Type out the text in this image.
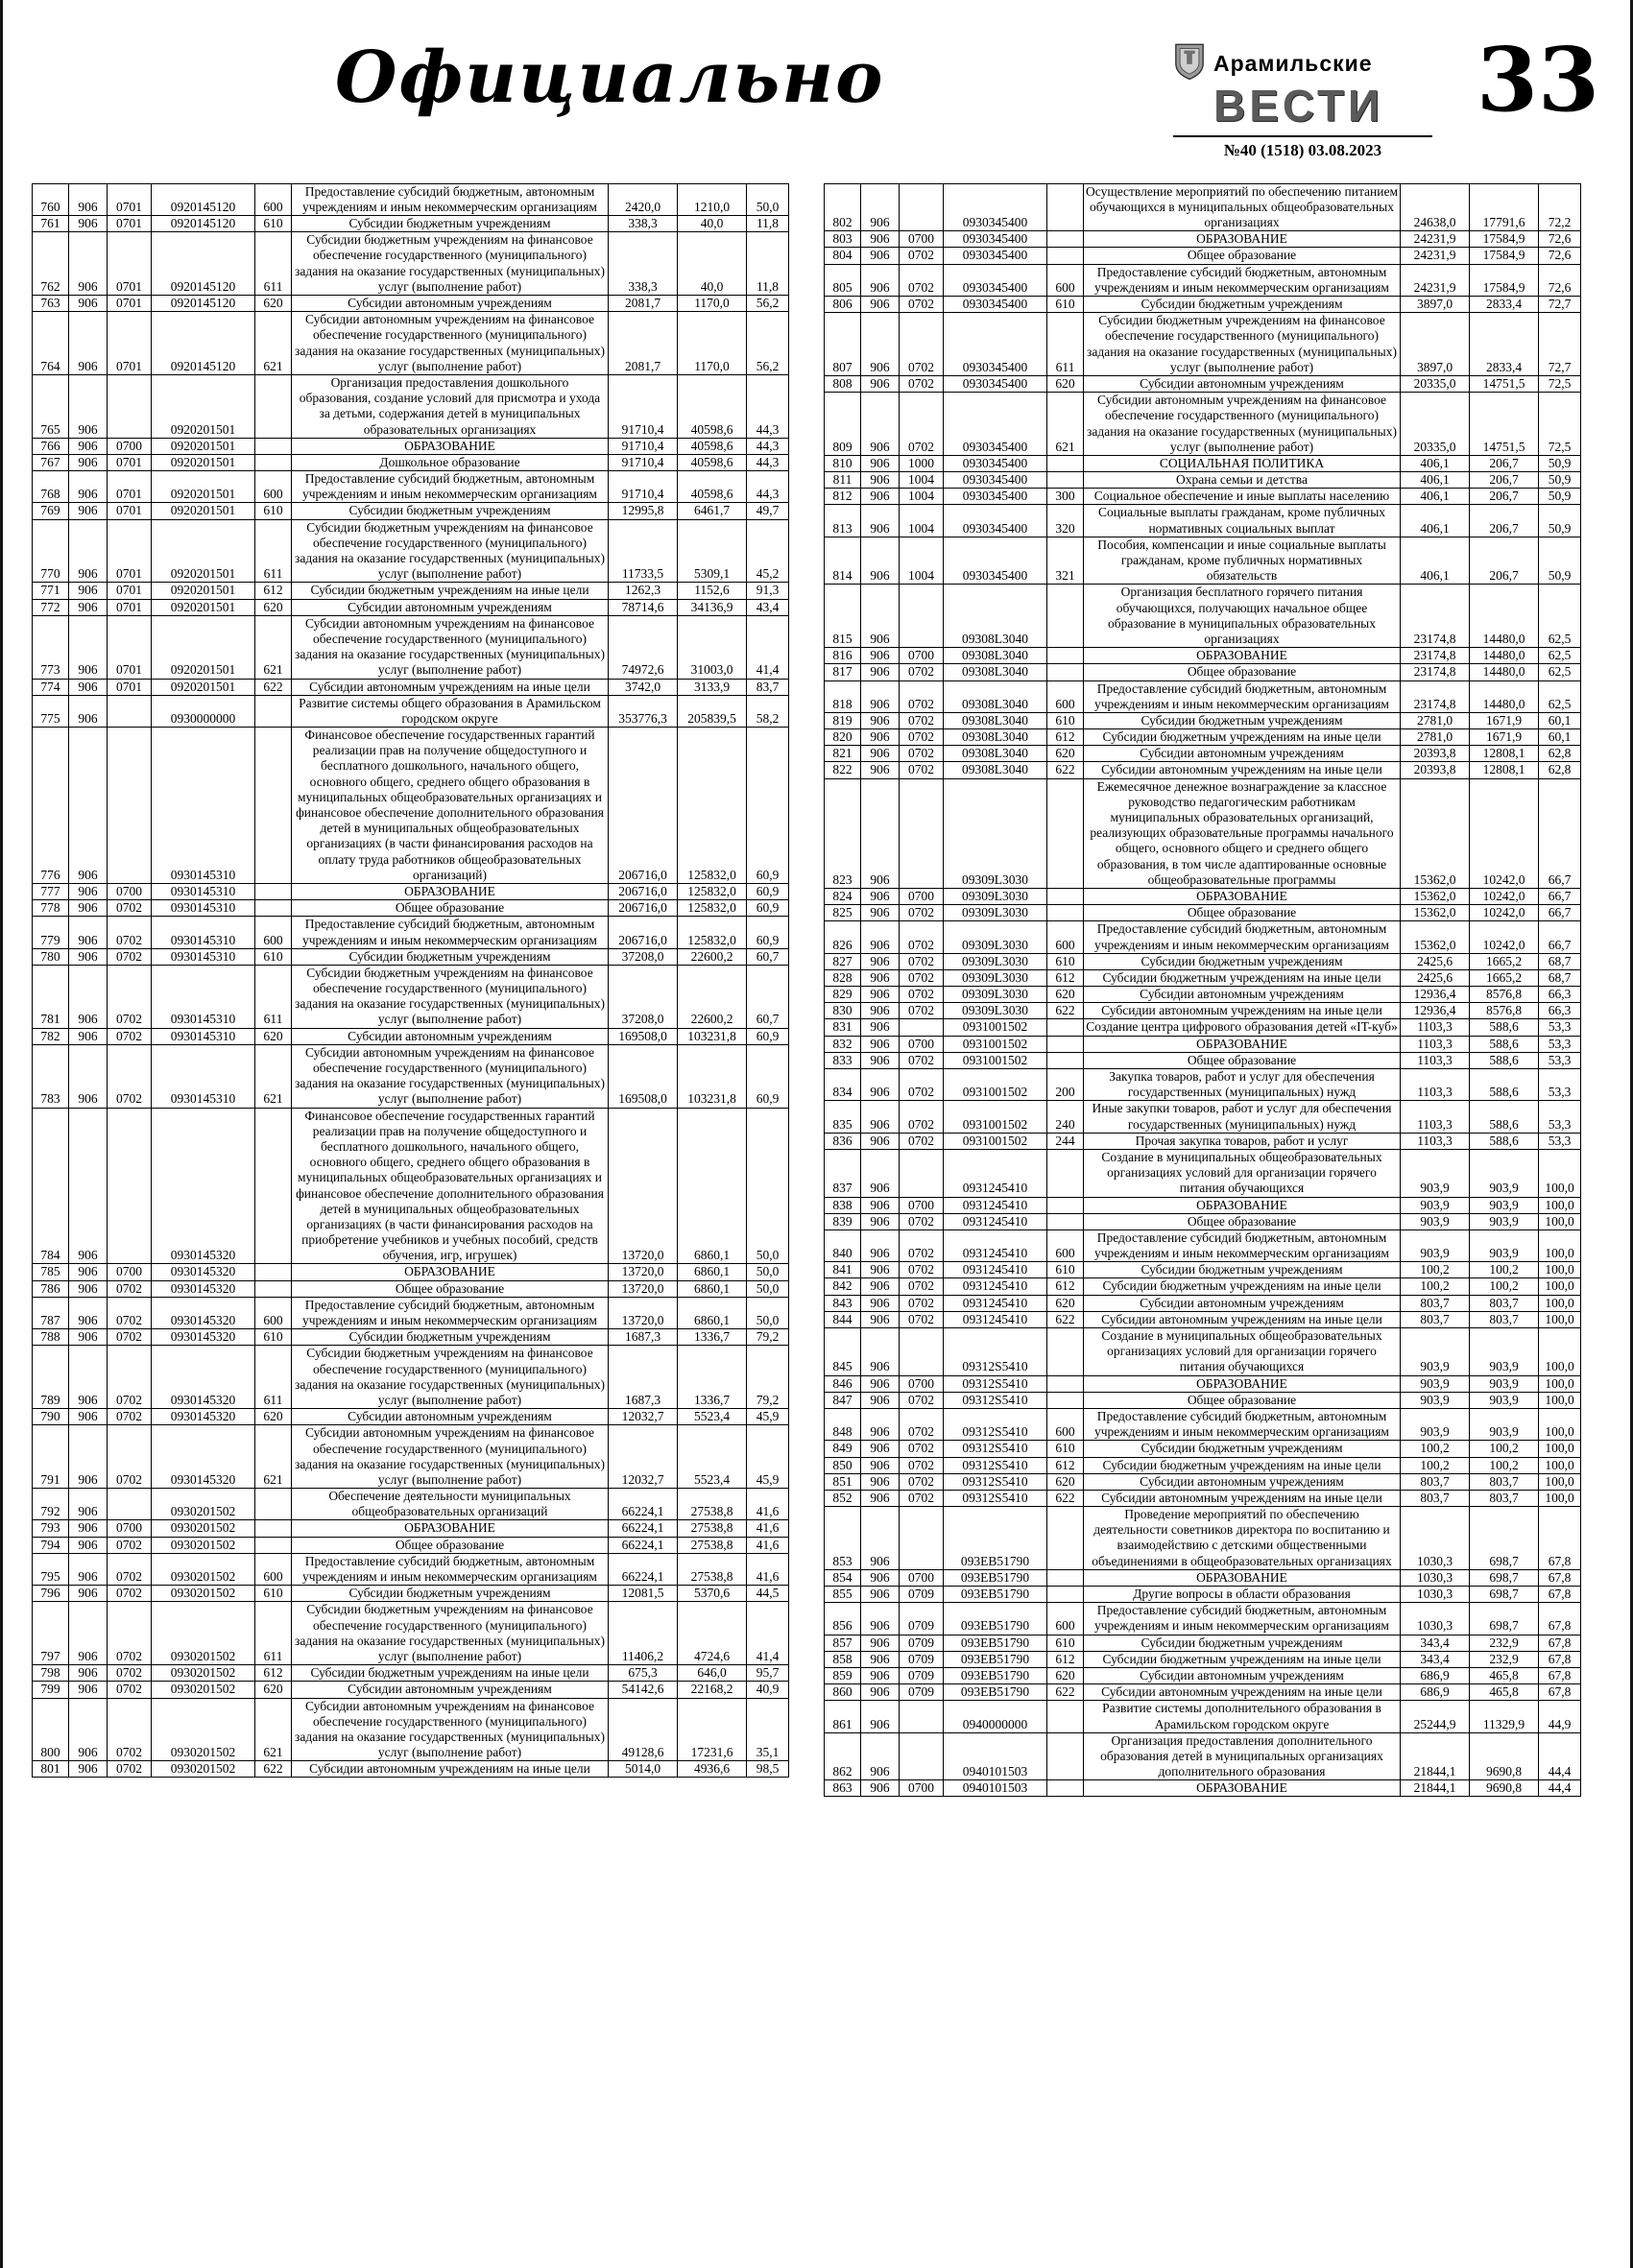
Официально	Арамильские
ВЕСТИ
№40 (1518) 03.08.2023
33
760	906	0701	0920145120	600	Предоставление субсидий бюджетным, автономным учреждениям и иным некоммерческим организациям	2420,0	1210,0	50,0
761	906	0701	0920145120	610	Субсидии бюджетным учреждениям	338,3	40,0	11,8
762	906	0701	0920145120	611	Субсидии бюджетным учреждениям на финансовое обеспечение государственного (муниципального) задания на оказание государственных (муниципальных) услуг (выполнение работ)	338,3	40,0	11,8
763	906	0701	0920145120	620	Субсидии автономным учреждениям	2081,7	1170,0	56,2
764	906	0701	0920145120	621	Субсидии автономным учреждениям на финансовое обеспечение государственного (муниципального) задания на оказание государственных (муниципальных) услуг (выполнение работ)	2081,7	1170,0	56,2
765	906		0920201501		Организация предоставления дошкольного образования, создание условий для присмотра и ухода за детьми, содержания детей в муниципальных образовательных организациях	91710,4	40598,6	44,3
766	906	0700	0920201501		ОБРАЗОВАНИЕ	91710,4	40598,6	44,3
767	906	0701	0920201501		Дошкольное образование	91710,4	40598,6	44,3
768	906	0701	0920201501	600	Предоставление субсидий бюджетным, автономным учреждениям и иным некоммерческим организациям	91710,4	40598,6	44,3
769	906	0701	0920201501	610	Субсидии бюджетным учреждениям	12995,8	6461,7	49,7
770	906	0701	0920201501	611	Субсидии бюджетным учреждениям на финансовое обеспечение государственного (муниципального) задания на оказание государственных (муниципальных) услуг (выполнение работ)	11733,5	5309,1	45,2
771	906	0701	0920201501	612	Субсидии бюджетным учреждениям на иные цели	1262,3	1152,6	91,3
772	906	0701	0920201501	620	Субсидии автономным учреждениям	78714,6	34136,9	43,4
773	906	0701	0920201501	621	Субсидии автономным учреждениям на финансовое обеспечение государственного (муниципального) задания на оказание государственных (муниципальных) услуг (выполнение работ)	74972,6	31003,0	41,4
774	906	0701	0920201501	622	Субсидии автономным учреждениям на иные цели	3742,0	3133,9	83,7
775	906		0930000000		Развитие системы общего образования в Арамильском городском округе	353776,3	205839,5	58,2
776	906		0930145310		Финансовое обеспечение государственных гарантий реализации прав на получение общедоступного и бесплатного дошкольного, начального общего, основного общего, среднего общего образования в муниципальных общеобразовательных организациях и финансовое обеспечение дополнительного образования детей в муниципальных общеобразовательных организациях (в части финансирования расходов на оплату труда работников общеобразовательных организаций)	206716,0	125832,0	60,9
777	906	0700	0930145310		ОБРАЗОВАНИЕ	206716,0	125832,0	60,9
778	906	0702	0930145310		Общее образование	206716,0	125832,0	60,9
779	906	0702	0930145310	600	Предоставление субсидий бюджетным, автономным учреждениям и иным некоммерческим организациям	206716,0	125832,0	60,9
780	906	0702	0930145310	610	Субсидии бюджетным учреждениям	37208,0	22600,2	60,7
781	906	0702	0930145310	611	Субсидии бюджетным учреждениям на финансовое обеспечение государственного (муниципального) задания на оказание государственных (муниципальных) услуг (выполнение работ)	37208,0	22600,2	60,7
782	906	0702	0930145310	620	Субсидии автономным учреждениям	169508,0	103231,8	60,9
783	906	0702	0930145310	621	Субсидии автономным учреждениям на финансовое обеспечение государственного (муниципального) задания на оказание государственных (муниципальных) услуг (выполнение работ)	169508,0	103231,8	60,9
784	906		0930145320		Финансовое обеспечение государственных гарантий реализации прав на получение общедоступного и бесплатного дошкольного, начального общего, основного общего, среднего общего образования в муниципальных общеобразовательных организациях и финансовое обеспечение дополнительного образования детей в муниципальных общеобразовательных организациях (в части финансирования расходов на приобретение учебников и учебных пособий, средств обучения, игр, игрушек)	13720,0	6860,1	50,0
785	906	0700	0930145320		ОБРАЗОВАНИЕ	13720,0	6860,1	50,0
786	906	0702	0930145320		Общее образование	13720,0	6860,1	50,0
787	906	0702	0930145320	600	Предоставление субсидий бюджетным, автономным учреждениям и иным некоммерческим организациям	13720,0	6860,1	50,0
788	906	0702	0930145320	610	Субсидии бюджетным учреждениям	1687,3	1336,7	79,2
789	906	0702	0930145320	611	Субсидии бюджетным учреждениям на финансовое обеспечение государственного (муниципального) задания на оказание государственных (муниципальных) услуг (выполнение работ)	1687,3	1336,7	79,2
790	906	0702	0930145320	620	Субсидии автономным учреждениям	12032,7	5523,4	45,9
791	906	0702	0930145320	621	Субсидии автономным учреждениям на финансовое обеспечение государственного (муниципального) задания на оказание государственных (муниципальных) услуг (выполнение работ)	12032,7	5523,4	45,9
792	906		0930201502		Обеспечение деятельности муниципальных общеобразовательных организаций	66224,1	27538,8	41,6
793	906	0700	0930201502		ОБРАЗОВАНИЕ	66224,1	27538,8	41,6
794	906	0702	0930201502		Общее образование	66224,1	27538,8	41,6
795	906	0702	0930201502	600	Предоставление субсидий бюджетным, автономным учреждениям и иным некоммерческим организациям	66224,1	27538,8	41,6
796	906	0702	0930201502	610	Субсидии бюджетным учреждениям	12081,5	5370,6	44,5
797	906	0702	0930201502	611	Субсидии бюджетным учреждениям на финансовое обеспечение государственного (муниципального) задания на оказание государственных (муниципальных) услуг (выполнение работ)	11406,2	4724,6	41,4
798	906	0702	0930201502	612	Субсидии бюджетным учреждениям на иные цели	675,3	646,0	95,7
799	906	0702	0930201502	620	Субсидии автономным учреждениям	54142,6	22168,2	40,9
800	906	0702	0930201502	621	Субсидии автономным учреждениям на финансовое обеспечение государственного (муниципального) задания на оказание государственных (муниципальных) услуг (выполнение работ)	49128,6	17231,6	35,1
801	906	0702	0930201502	622	Субсидии автономным учреждениям на иные цели	5014,0	4936,6	98,5
802	906		0930345400		Осуществление мероприятий по обеспечению питанием обучающихся в муниципальных общеобразовательных организациях	24638,0	17791,6	72,2
803	906	0700	0930345400		ОБРАЗОВАНИЕ	24231,9	17584,9	72,6
804	906	0702	0930345400		Общее образование	24231,9	17584,9	72,6
805	906	0702	0930345400	600	Предоставление субсидий бюджетным, автономным учреждениям и иным некоммерческим организациям	24231,9	17584,9	72,6
806	906	0702	0930345400	610	Субсидии бюджетным учреждениям	3897,0	2833,4	72,7
807	906	0702	0930345400	611	Субсидии бюджетным учреждениям на финансовое обеспечение государственного (муниципального) задания на оказание государственных (муниципальных) услуг (выполнение работ)	3897,0	2833,4	72,7
808	906	0702	0930345400	620	Субсидии автономным учреждениям	20335,0	14751,5	72,5
809	906	0702	0930345400	621	Субсидии автономным учреждениям на финансовое обеспечение государственного (муниципального) задания на оказание государственных (муниципальных) услуг (выполнение работ)	20335,0	14751,5	72,5
810	906	1000	0930345400		СОЦИАЛЬНАЯ ПОЛИТИКА	406,1	206,7	50,9
811	906	1004	0930345400		Охрана семьи и детства	406,1	206,7	50,9
812	906	1004	0930345400	300	Социальное обеспечение и иные выплаты населению	406,1	206,7	50,9
813	906	1004	0930345400	320	Социальные выплаты гражданам, кроме публичных нормативных социальных выплат	406,1	206,7	50,9
814	906	1004	0930345400	321	Пособия, компенсации и иные социальные выплаты гражданам, кроме публичных нормативных обязательств	406,1	206,7	50,9
815	906		09308L3040		Организация бесплатного горячего питания обучающихся, получающих начальное общее образование в муниципальных образовательных организациях	23174,8	14480,0	62,5
816	906	0700	09308L3040		ОБРАЗОВАНИЕ	23174,8	14480,0	62,5
817	906	0702	09308L3040		Общее образование	23174,8	14480,0	62,5
818	906	0702	09308L3040	600	Предоставление субсидий бюджетным, автономным учреждениям и иным некоммерческим организациям	23174,8	14480,0	62,5
819	906	0702	09308L3040	610	Субсидии бюджетным учреждениям	2781,0	1671,9	60,1
820	906	0702	09308L3040	612	Субсидии бюджетным учреждениям на иные цели	2781,0	1671,9	60,1
821	906	0702	09308L3040	620	Субсидии автономным учреждениям	20393,8	12808,1	62,8
822	906	0702	09308L3040	622	Субсидии автономным учреждениям на иные цели	20393,8	12808,1	62,8
823	906		09309L3030		Ежемесячное денежное вознаграждение за классное руководство педагогическим работникам муниципальных образовательных организаций, реализующих образовательные программы начального общего, основного общего и среднего общего образования, в том числе адаптированные основные общеобразовательные программы	15362,0	10242,0	66,7
824	906	0700	09309L3030		ОБРАЗОВАНИЕ	15362,0	10242,0	66,7
825	906	0702	09309L3030		Общее образование	15362,0	10242,0	66,7
826	906	0702	09309L3030	600	Предоставление субсидий бюджетным, автономным учреждениям и иным некоммерческим организациям	15362,0	10242,0	66,7
827	906	0702	09309L3030	610	Субсидии бюджетным учреждениям	2425,6	1665,2	68,7
828	906	0702	09309L3030	612	Субсидии бюджетным учреждениям на иные цели	2425,6	1665,2	68,7
829	906	0702	09309L3030	620	Субсидии автономным учреждениям	12936,4	8576,8	66,3
830	906	0702	09309L3030	622	Субсидии автономным учреждениям на иные цели	12936,4	8576,8	66,3
831	906		0931001502		Создание центра цифрового образования детей «IT-куб»	1103,3	588,6	53,3
832	906	0700	0931001502		ОБРАЗОВАНИЕ	1103,3	588,6	53,3
833	906	0702	0931001502		Общее образование	1103,3	588,6	53,3
834	906	0702	0931001502	200	Закупка товаров, работ и услуг для обеспечения государственных (муниципальных) нужд	1103,3	588,6	53,3
835	906	0702	0931001502	240	Иные закупки товаров, работ и услуг для обеспечения государственных (муниципальных) нужд	1103,3	588,6	53,3
836	906	0702	0931001502	244	Прочая закупка товаров, работ и услуг	1103,3	588,6	53,3
837	906		0931245410		Создание в муниципальных общеобразовательных организациях условий для организации горячего питания обучающихся	903,9	903,9	100,0
838	906	0700	0931245410		ОБРАЗОВАНИЕ	903,9	903,9	100,0
839	906	0702	0931245410		Общее образование	903,9	903,9	100,0
840	906	0702	0931245410	600	Предоставление субсидий бюджетным, автономным учреждениям и иным некоммерческим организациям	903,9	903,9	100,0
841	906	0702	0931245410	610	Субсидии бюджетным учреждениям	100,2	100,2	100,0
842	906	0702	0931245410	612	Субсидии бюджетным учреждениям на иные цели	100,2	100,2	100,0
843	906	0702	0931245410	620	Субсидии автономным учреждениям	803,7	803,7	100,0
844	906	0702	0931245410	622	Субсидии автономным учреждениям на иные цели	803,7	803,7	100,0
845	906		09312S5410		Создание в муниципальных общеобразовательных организациях условий для организации горячего питания обучающихся	903,9	903,9	100,0
846	906	0700	09312S5410		ОБРАЗОВАНИЕ	903,9	903,9	100,0
847	906	0702	09312S5410		Общее образование	903,9	903,9	100,0
848	906	0702	09312S5410	600	Предоставление субсидий бюджетным, автономным учреждениям и иным некоммерческим организациям	903,9	903,9	100,0
849	906	0702	09312S5410	610	Субсидии бюджетным учреждениям	100,2	100,2	100,0
850	906	0702	09312S5410	612	Субсидии бюджетным учреждениям на иные цели	100,2	100,2	100,0
851	906	0702	09312S5410	620	Субсидии автономным учреждениям	803,7	803,7	100,0
852	906	0702	09312S5410	622	Субсидии автономным учреждениям на иные цели	803,7	803,7	100,0
853	906		093EB51790		Проведение мероприятий по обеспечению деятельности советников директора по воспитанию и взаимодействию с детскими общественными объединениями в общеобразовательных организациях	1030,3	698,7	67,8
854	906	0700	093EB51790		ОБРАЗОВАНИЕ	1030,3	698,7	67,8
855	906	0709	093EB51790		Другие вопросы в области образования	1030,3	698,7	67,8
856	906	0709	093EB51790	600	Предоставление субсидий бюджетным, автономным учреждениям и иным некоммерческим организациям	1030,3	698,7	67,8
857	906	0709	093EB51790	610	Субсидии бюджетным учреждениям	343,4	232,9	67,8
858	906	0709	093EB51790	612	Субсидии бюджетным учреждениям на иные цели	343,4	232,9	67,8
859	906	0709	093EB51790	620	Субсидии автономным учреждениям	686,9	465,8	67,8
860	906	0709	093EB51790	622	Субсидии автономным учреждениям на иные цели	686,9	465,8	67,8
861	906		0940000000		Развитие системы дополнительного образования в Арамильском городском округе	25244,9	11329,9	44,9
862	906		0940101503		Организация предоставления дополнительного образования детей в муниципальных организациях дополнительного образования	21844,1	9690,8	44,4
863	906	0700	0940101503		ОБРАЗОВАНИЕ	21844,1	9690,8	44,4
